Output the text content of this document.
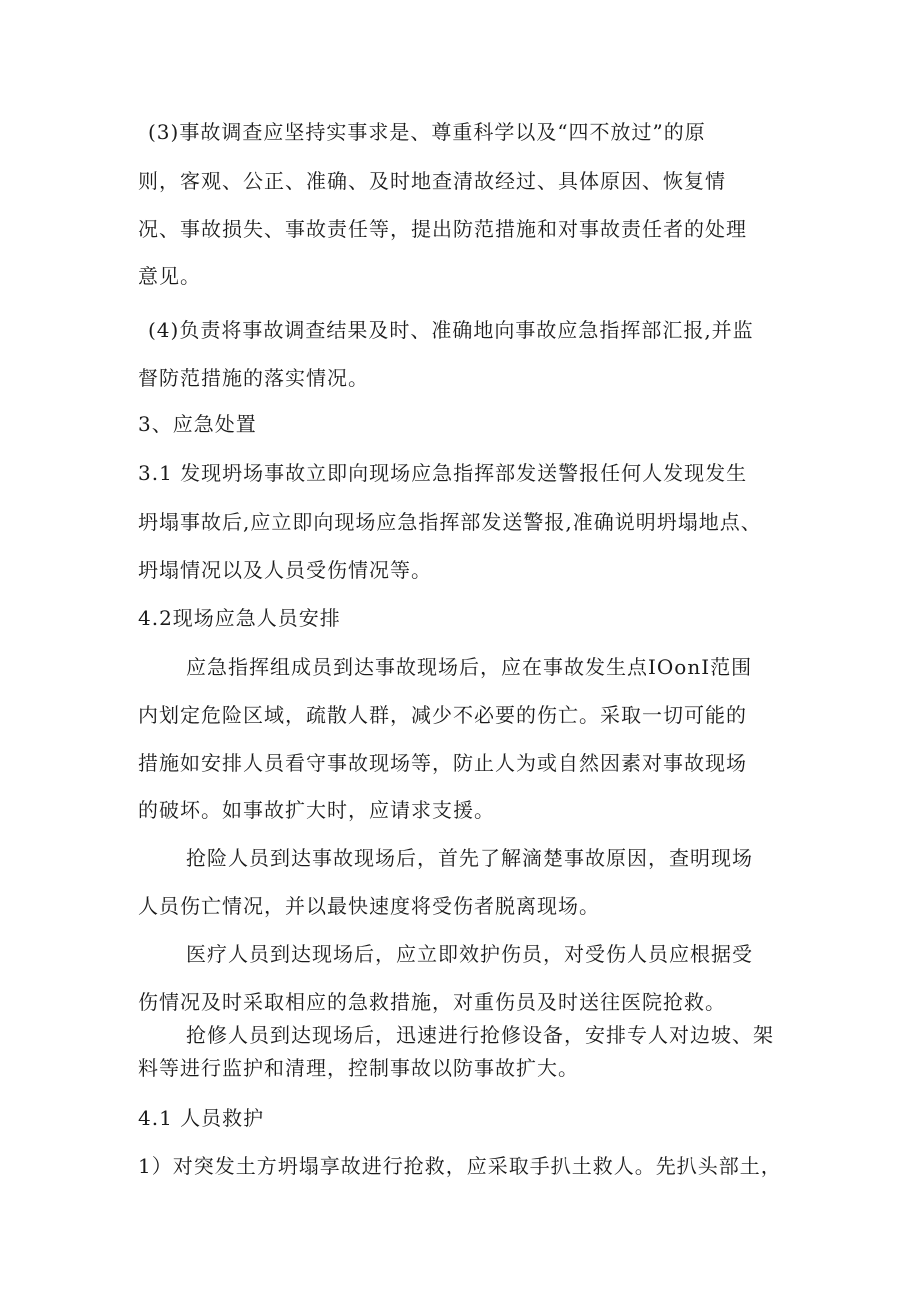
(3)事故调查应坚持实事求是、尊重科学以及“四不放过”的原

则，客观、公正、准确、及时地查清故经过、具体原因、恢复情

况、事故损失、事故责任等，提出防范措施和对事故责任者的处理

意见。

(4)负责将事故调查结果及时、准确地向事故应急指挥部汇报,并监

督防范措施的落实情况。

3、应急处置

3.1 发现坍场事故立即向现场应急指挥部发送警报任何人发现发生

坍塌事故后,应立即向现场应急指挥部发送警报,准确说明坍塌地点、

坍塌情况以及人员受伤情况等。

4.2现场应急人员安排

应急指挥组成员到达事故现场后，应在事故发生点IOonI范围

内划定危险区域，疏散人群，减少不必要的伤亡。采取一切可能的

措施如安排人员看守事故现场等，防止人为或自然因素对事故现场

的破坏。如事故扩大时，应请求支援。

抢险人员到达事故现场后，首先了解滴楚事故原因，查明现场

人员伤亡情况，并以最快速度将受伤者脱离现场。

医疗人员到达现场后，应立即效护伤员，对受伤人员应根据受

伤情况及时采取相应的急救措施，对重伤员及时送往医院抢救。

抢修人员到达现场后，迅速进行抢修设备，安排专人对边坡、架

料等进行监护和清理，控制事故以防事故扩大。

4.1 人员救护

1）对突发土方坍塌享故进行抢救，应采取手扒土救人。先扒头部土，
